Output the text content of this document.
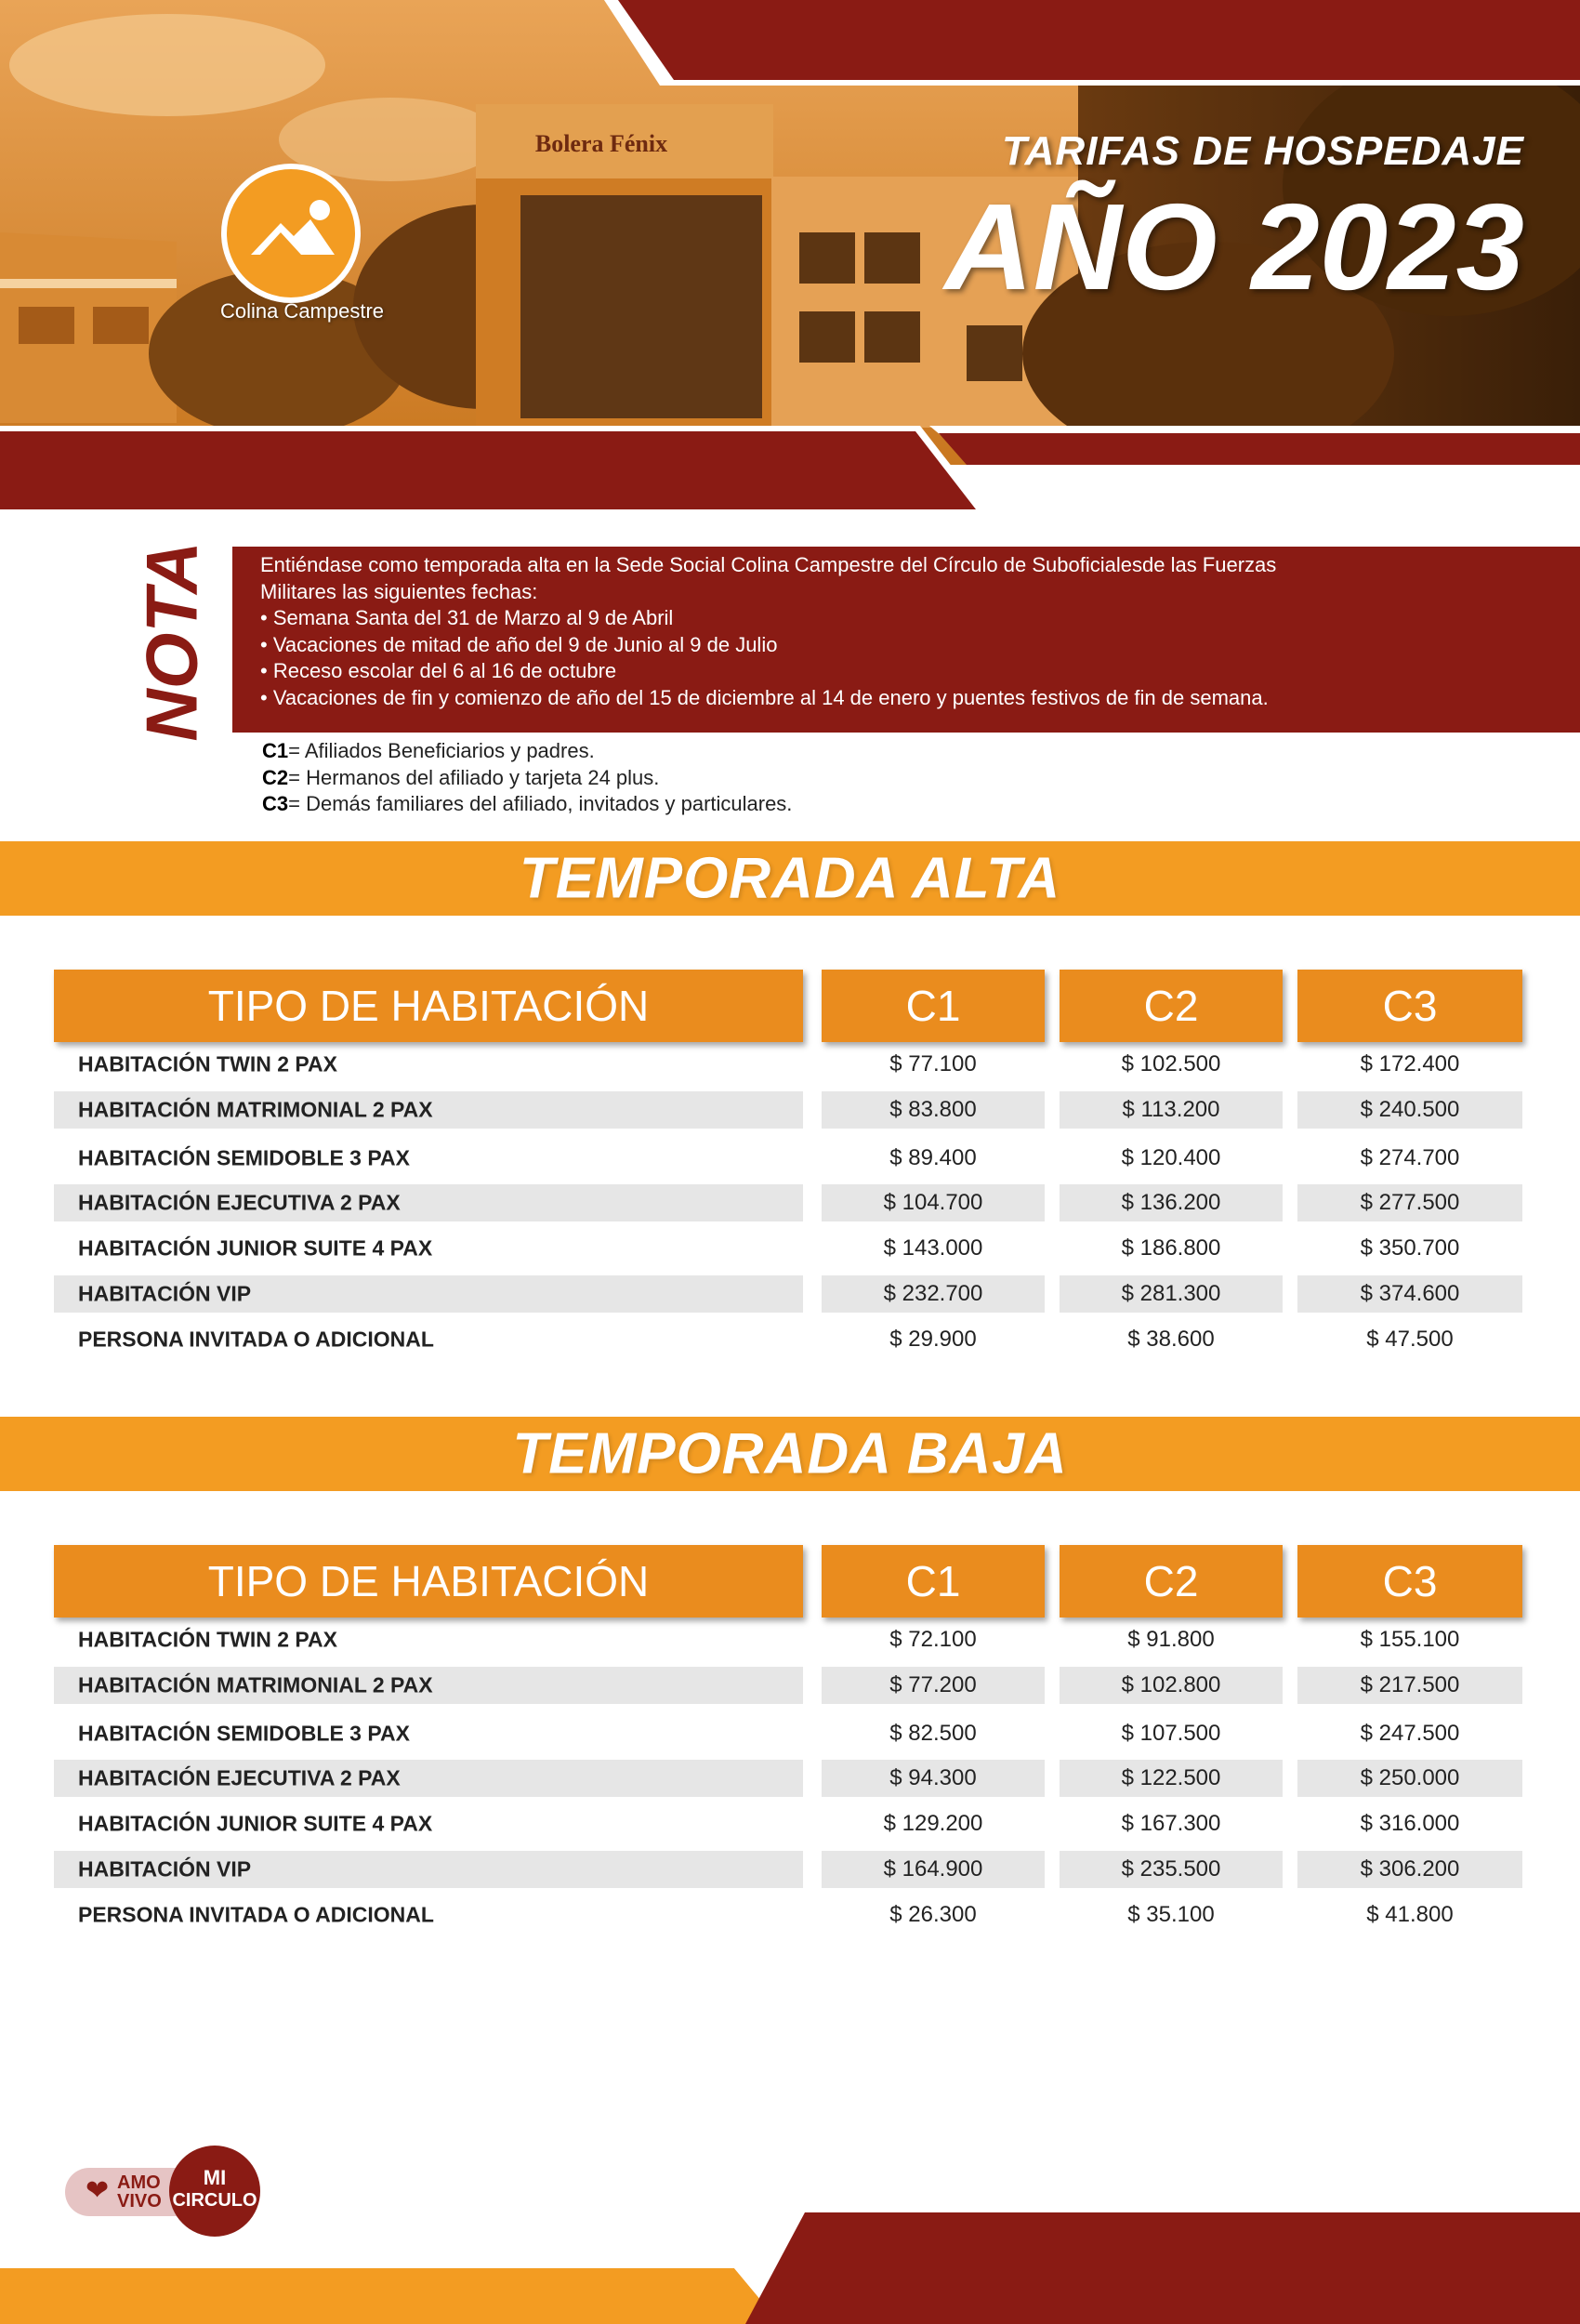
Bolera Fénix
Colina Campestre
TARIFAS DE HOSPEDAJE
AÑO 2023
NOTA Entiéndase como temporada alta en la Sede Social Colina Campestre del Círculo de Suboficialesde las Fuerzas
Militares las siguientes fechas:
• Semana Santa del 31 de Marzo al 9 de Abril
• Vacaciones de mitad de año del 9 de Junio al 9 de Julio
• Receso escolar del 6 al 16 de octubre
• Vacaciones de fin y comienzo de año del 15 de diciembre al 14 de enero y puentes festivos de fin de semana.
C1= Afiliados Beneficiarios y padres.
C2= Hermanos del afiliado y tarjeta 24 plus.
C3= Demás familiares del afiliado, invitados y particulares.
TEMPORADA ALTA
TIPO DE HABITACIÓN	C1	C2	C3
HABITACIÓN TWIN 2 PAX	$ 77.100	$ 102.500	$ 172.400
HABITACIÓN MATRIMONIAL 2 PAX	$ 83.800	$ 113.200	$ 240.500
HABITACIÓN SEMIDOBLE 3 PAX	$ 89.400	$ 120.400	$ 274.700
HABITACIÓN EJECUTIVA 2 PAX	$ 104.700	$ 136.200	$ 277.500
HABITACIÓN JUNIOR SUITE 4 PAX	$ 143.000	$ 186.800	$ 350.700
HABITACIÓN VIP	$ 232.700	$ 281.300	$ 374.600
PERSONA INVITADA O ADICIONAL	$ 29.900	$ 38.600	$ 47.500
TEMPORADA BAJA
TIPO DE HABITACIÓN	C1	C2	C3
HABITACIÓN TWIN 2 PAX	$ 72.100	$ 91.800	$ 155.100
HABITACIÓN MATRIMONIAL 2 PAX	$ 77.200	$ 102.800	$ 217.500
HABITACIÓN SEMIDOBLE 3 PAX	$ 82.500	$ 107.500	$ 247.500
HABITACIÓN EJECUTIVA 2 PAX	$ 94.300	$ 122.500	$ 250.000
HABITACIÓN JUNIOR SUITE 4 PAX	$ 129.200	$ 167.300	$ 316.000
HABITACIÓN VIP	$ 164.900	$ 235.500	$ 306.200
PERSONA INVITADA O ADICIONAL	$ 26.300	$ 35.100	$ 41.800
❤ AMO
VIVO
MI
CIRCULO
